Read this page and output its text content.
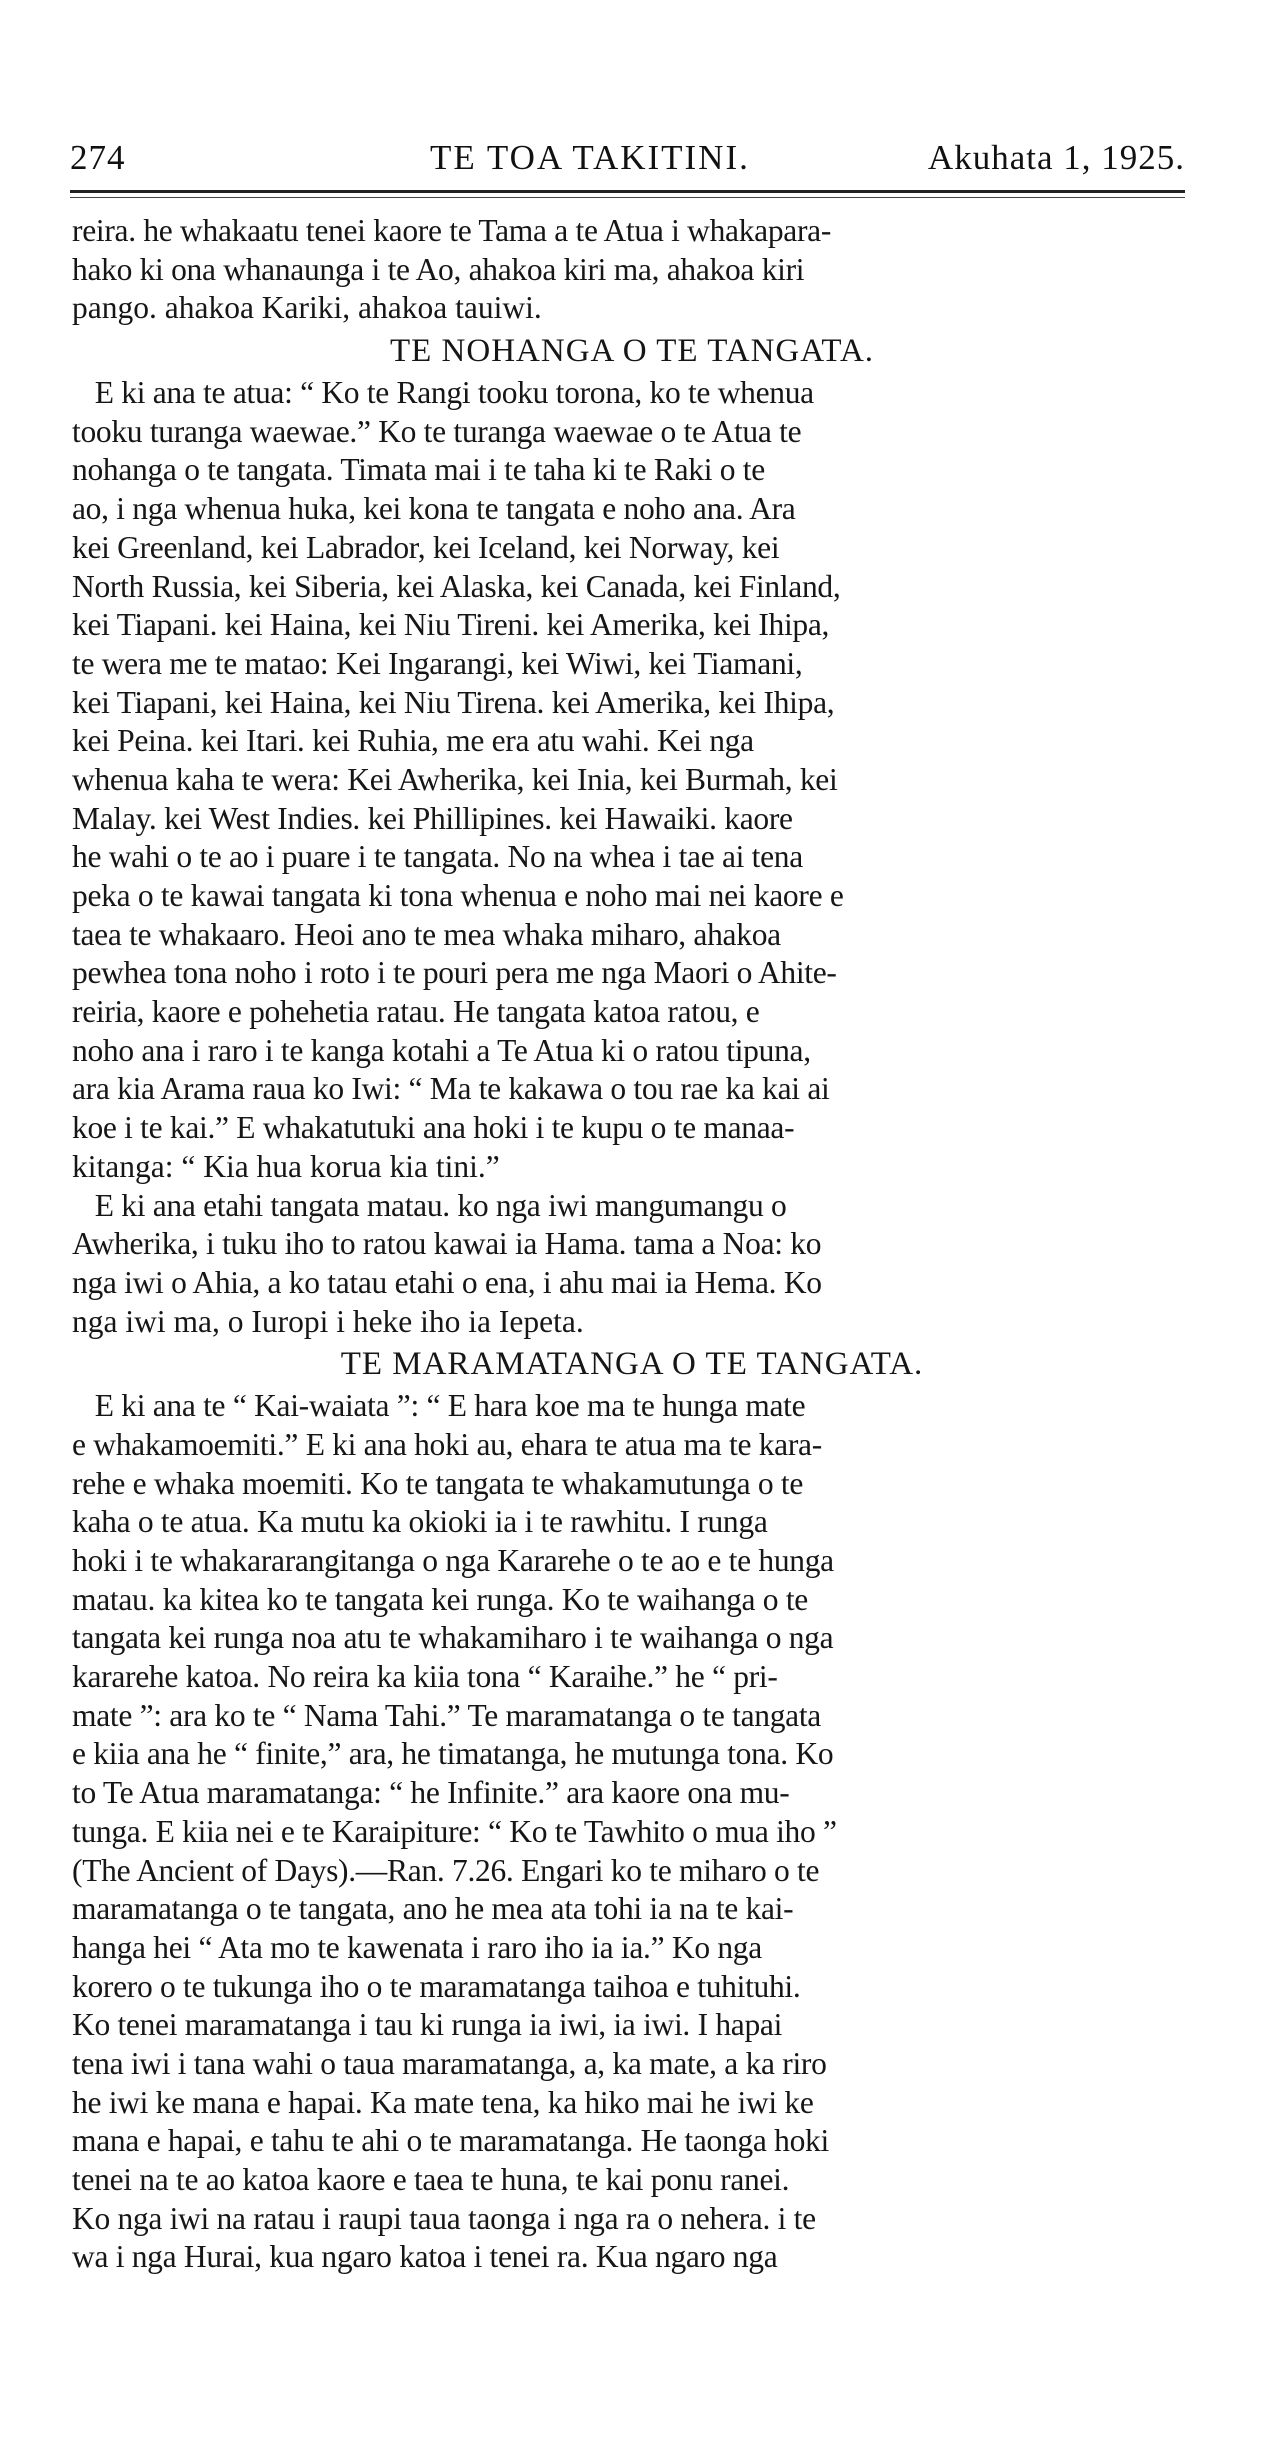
274	TE TOA TAKITINI.	Akuhata 1, 1925.
reira. he whakaatu tenei kaore te Tama a te Atua i whakapara-
hako ki ona whanaunga i te Ao, ahakoa kiri ma, ahakoa kiri
pango. ahakoa Kariki, ahakoa tauiwi.
TE NOHANGA O TE TANGATA.
E ki ana te atua: “ Ko te Rangi tooku torona, ko te whenua
tooku turanga waewae.” Ko te turanga waewae o te Atua te
nohanga o te tangata. Timata mai i te taha ki te Raki o te
ao, i nga whenua huka, kei kona te tangata e noho ana. Ara
kei Greenland, kei Labrador, kei Iceland, kei Norway, kei
North Russia, kei Siberia, kei Alaska, kei Canada, kei Finland,
kei Tiapani. kei Haina, kei Niu Tireni. kei Amerika, kei Ihipa,
te wera me te matao: Kei Ingarangi, kei Wiwi, kei Tiamani,
kei Tiapani, kei Haina, kei Niu Tirena. kei Amerika, kei Ihipa,
kei Peina. kei Itari. kei Ruhia, me era atu wahi. Kei nga
whenua kaha te wera: Kei Awherika, kei Inia, kei Burmah, kei
Malay. kei West Indies. kei Phillipines. kei Hawaiki. kaore
he wahi o te ao i puare i te tangata. No na whea i tae ai tena
peka o te kawai tangata ki tona whenua e noho mai nei kaore e
taea te whakaaro. Heoi ano te mea whaka miharo, ahakoa
pewhea tona noho i roto i te pouri pera me nga Maori o Ahite-
reiria, kaore e pohehetia ratau. He tangata katoa ratou, e
noho ana i raro i te kanga kotahi a Te Atua ki o ratou tipuna,
ara kia Arama raua ko Iwi: “ Ma te kakawa o tou rae ka kai ai
koe i te kai.” E whakatutuki ana hoki i te kupu o te manaa-
kitanga: “ Kia hua korua kia tini.”
E ki ana etahi tangata matau. ko nga iwi mangumangu o
Awherika, i tuku iho to ratou kawai ia Hama. tama a Noa: ko
nga iwi o Ahia, a ko tatau etahi o ena, i ahu mai ia Hema. Ko
nga iwi ma, o Iuropi i heke iho ia Iepeta.
TE MARAMATANGA O TE TANGATA.
E ki ana te “ Kai-waiata ”: “ E hara koe ma te hunga mate
e whakamoemiti.” E ki ana hoki au, ehara te atua ma te kara-
rehe e whaka moemiti. Ko te tangata te whakamutunga o te
kaha o te atua. Ka mutu ka okioki ia i te rawhitu. I runga
hoki i te whakararangitanga o nga Kararehe o te ao e te hunga
matau. ka kitea ko te tangata kei runga. Ko te waihanga o te
tangata kei runga noa atu te whakamiharo i te waihanga o nga
kararehe katoa. No reira ka kiia tona “ Karaihe.” he “ pri-
mate ”: ara ko te “ Nama Tahi.” Te maramatanga o te tangata
e kiia ana he “ finite,” ara, he timatanga, he mutunga tona. Ko
to Te Atua maramatanga: “ he Infinite.” ara kaore ona mu-
tunga. E kiia nei e te Karaipiture: “ Ko te Tawhito o mua iho ”
(The Ancient of Days).—Ran. 7.26. Engari ko te miharo o te
maramatanga o te tangata, ano he mea ata tohi ia na te kai-
hanga hei “ Ata mo te kawenata i raro iho ia ia.” Ko nga
korero o te tukunga iho o te maramatanga taihoa e tuhituhi.
Ko tenei maramatanga i tau ki runga ia iwi, ia iwi. I hapai
tena iwi i tana wahi o taua maramatanga, a, ka mate, a ka riro
he iwi ke mana e hapai. Ka mate tena, ka hiko mai he iwi ke
mana e hapai, e tahu te ahi o te maramatanga. He taonga hoki
tenei na te ao katoa kaore e taea te huna, te kai ponu ranei.
Ko nga iwi na ratau i raupi taua taonga i nga ra o nehera. i te
wa i nga Hurai, kua ngaro katoa i tenei ra. Kua ngaro nga
